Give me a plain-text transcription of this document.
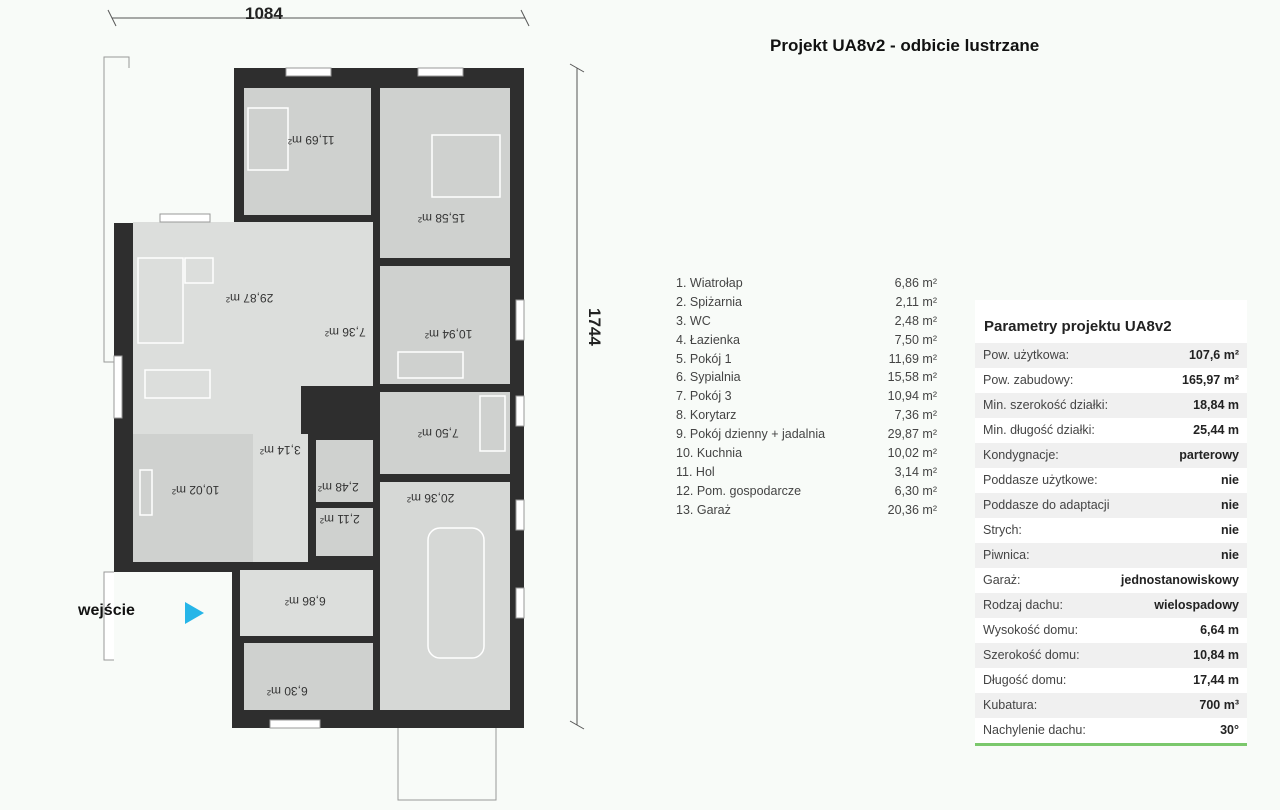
11,69 m²
15,58 m²
29,87 m²
7,36 m²	10,94 m²
7,50 m²
3,14 m²
2,48 m²
10,02 m²
2,11 m²
20,36 m²
6,86 m²
6,30 m²
1084
1744
wejście
Projekt UA8v2 - odbicie lustrzane
1. Wiatrołap	6,86 m²
2. Spiżarnia	2,11 m²
3. WC	2,48 m²
4. Łazienka	7,50 m²
5. Pokój 1	11,69 m²
6. Sypialnia	15,58 m²
7. Pokój 3	10,94 m²
8. Korytarz	7,36 m²
9. Pokój dzienny + jadalnia	29,87 m²
10. Kuchnia	10,02 m²
11. Hol	3,14 m²
12. Pom. gospodarcze	6,30 m²
13. Garaż	20,36 m²
Parametry projektu UA8v2
Pow. użytkowa:	107,6 m²
Pow. zabudowy:	165,97 m²
Min. szerokość działki:	18,84 m
Min. długość działki:	25,44 m
Kondygnacje:	parterowy
Poddasze użytkowe:	nie
Poddasze do adaptacji	nie
Strych:	nie
Piwnica:	nie
Garaż:	jednostanowiskowy
Rodzaj dachu:	wielospadowy
Wysokość domu:	6,64 m
Szerokość domu:	10,84 m
Długość domu:	17,44 m
Kubatura:	700 m³
Nachylenie dachu:	30°
